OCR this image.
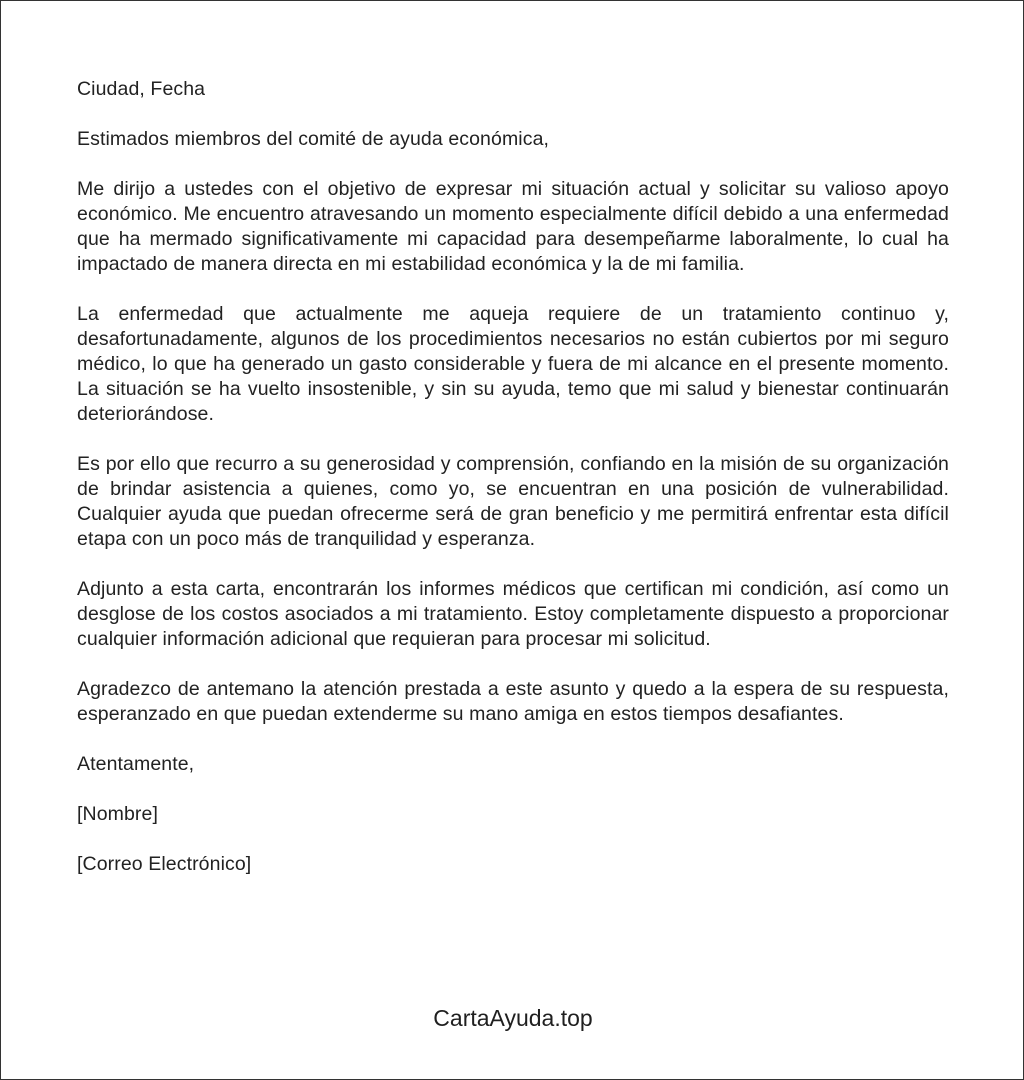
Ciudad, Fecha

Estimados miembros del comité de ayuda económica,

Me dirijo a ustedes con el objetivo de expresar mi situación actual y solicitar su valioso apoyo económico. Me encuentro atravesando un momento especialmente difícil debido a una enfermedad que ha mermado significativamente mi capacidad para desempeñarme laboralmente, lo cual ha impactado de manera directa en mi estabilidad económica y la de mi familia.

La enfermedad que actualmente me aqueja requiere de un tratamiento continuo y, desafortunadamente, algunos de los procedimientos necesarios no están cubiertos por mi seguro médico, lo que ha generado un gasto considerable y fuera de mi alcance en el presente momento. La situación se ha vuelto insostenible, y sin su ayuda, temo que mi salud y bienestar continuarán deteriorándose.

Es por ello que recurro a su generosidad y comprensión, confiando en la misión de su organización de brindar asistencia a quienes, como yo, se encuentran en una posición de vulnerabilidad. Cualquier ayuda que puedan ofrecerme será de gran beneficio y me permitirá enfrentar esta difícil etapa con un poco más de tranquilidad y esperanza.

Adjunto a esta carta, encontrarán los informes médicos que certifican mi condición, así como un desglose de los costos asociados a mi tratamiento. Estoy completamente dispuesto a proporcionar cualquier información adicional que requieran para procesar mi solicitud.

Agradezco de antemano la atención prestada a este asunto y quedo a la espera de su respuesta, esperanzado en que puedan extenderme su mano amiga en estos tiempos desafiantes.

Atentamente,

[Nombre]

[Correo Electrónico]

CartaAyuda.top
